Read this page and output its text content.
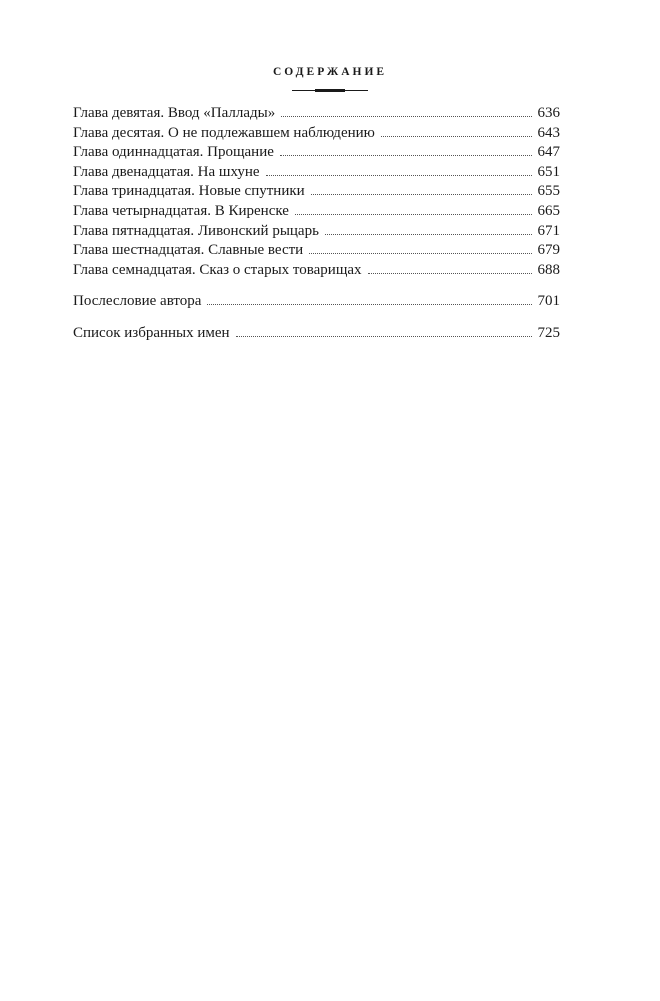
СОДЕРЖАНИЕ
Глава девятая. Ввод «Паллады»	636
Глава десятая. О не подлежавшем наблюдению	643
Глава одиннадцатая. Прощание	647
Глава двенадцатая. На шхуне	651
Глава тринадцатая. Новые спутники	655
Глава четырнадцатая. В Киренске	665
Глава пятнадцатая. Ливонский рыцарь	671
Глава шестнадцатая. Славные вести	679
Глава семнадцатая. Сказ о старых товарищах	688
Послесловие автора	701
Список избранных имен	725
